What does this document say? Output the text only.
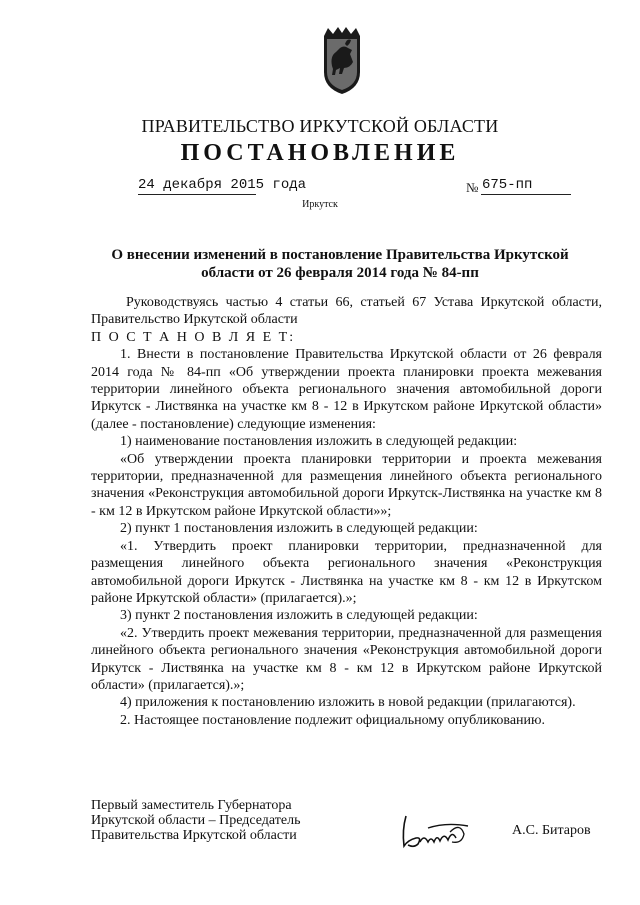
ПРАВИТЕЛЬСТВО ИРКУТСКОЙ ОБЛАСТИ
ПОСТАНОВЛЕНИЕ
24 декабря 2015 года	№ 675-пп
Иркутск
О внесении изменений в постановление Правительства Иркутской
области от 26 февраля 2014 года № 84-пп

Руководствуясь частью 4 статьи 66, статьей 67 Устава Иркутской области, Правительство Иркутской области

П О С Т А Н О В Л Я Е Т:

1. Внести в постановление Правительства Иркутской области от 26 февраля 2014 года № 84-пп «Об утверждении проекта планировки проекта межевания территории линейного объекта регионального значения автомобильной дороги Иркутск - Листвянка на участке км 8 - 12 в Иркутском районе Иркутской области» (далее - постановление) следующие изменения:

1) наименование постановления изложить в следующей редакции:

«Об утверждении проекта планировки территории и проекта межевания территории, предназначенной для размещения линейного объекта регионального значения «Реконструкция автомобильной дороги Иркутск-Листвянка на участке км 8 - км 12 в Иркутском районе Иркутской области»»;

2) пункт 1 постановления изложить в следующей редакции:

«1. Утвердить проект планировки территории, предназначенной для размещения линейного объекта регионального значения «Реконструкция автомобильной дороги Иркутск - Листвянка на участке км 8 - км 12 в Иркутском районе Иркутской области» (прилагается).»;

3) пункт 2 постановления изложить в следующей редакции:

«2. Утвердить проект межевания территории, предназначенной для размещения линейного объекта регионального значения «Реконструкция автомобильной дороги Иркутск - Листвянка на участке км 8 - км 12 в Иркутском районе Иркутской области» (прилагается).»;

4) приложения к постановлению изложить в новой редакции (прилагаются).

2. Настоящее постановление подлежит официальному опубликованию.

Первый заместитель Губернатора
Иркутской области – Председатель
Правительства Иркутской области	А.С. Битаров
